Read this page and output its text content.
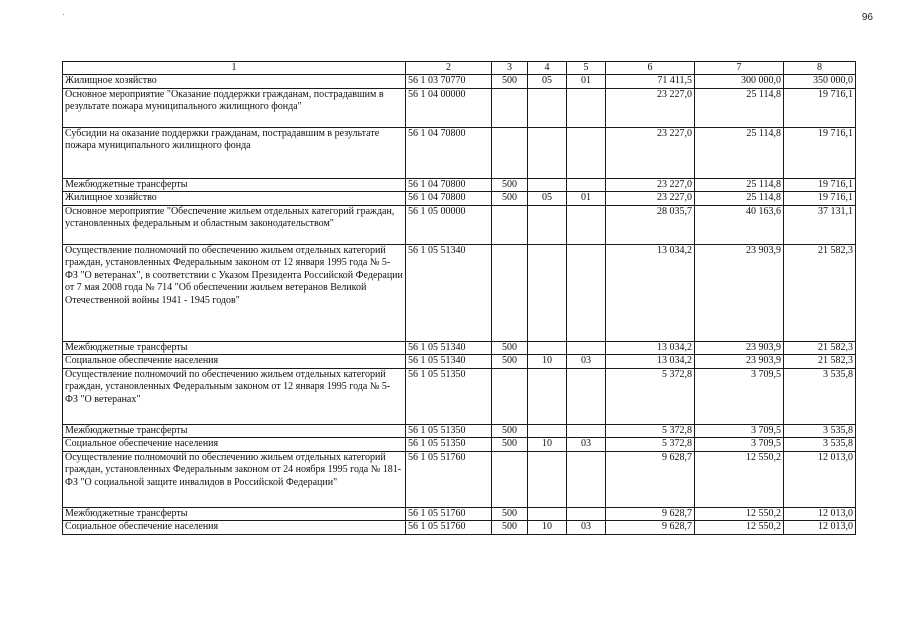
96
1	2	3	4	5	6	7	8
Жилищное хозяйство	56 1 03 70770	500	05	01	71 411,5	300 000,0	350 000,0
Основное мероприятие "Оказание поддержки гражданам, пострадавшим в результате пожара муниципального жилищного фонда"	56 1 04 00000				23 227,0	25 114,8	19 716,1
Субсидии на оказание поддержки гражданам, пострадавшим в результате пожара муниципального жилищного фонда	56 1 04 70800				23 227,0	25 114,8	19 716,1
Межбюджетные трансферты	56 1 04 70800	500			23 227,0	25 114,8	19 716,1
Жилищное хозяйство	56 1 04 70800	500	05	01	23 227,0	25 114,8	19 716,1
Основное мероприятие "Обеспечение жильем отдельных категорий граждан, установленных федеральным и областным законодательством"	56 1 05 00000				28 035,7	40 163,6	37 131,1
Осуществление полномочий по обеспечению жильем отдельных категорий граждан, установленных Федеральным законом от 12 января 1995 года № 5-ФЗ "О ветеранах", в соответствии с Указом Президента Российской Федерации от 7 мая 2008 года № 714 "Об обеспечении жильем ветеранов Великой Отечественной войны 1941 - 1945 годов"	56 1 05 51340				13 034,2	23 903,9	21 582,3
Межбюджетные трансферты	56 1 05 51340	500			13 034,2	23 903,9	21 582,3
Социальное обеспечение населения	56 1 05 51340	500	10	03	13 034,2	23 903,9	21 582,3
Осуществление полномочий по обеспечению жильем отдельных категорий граждан, установленных Федеральным законом от 12 января 1995 года № 5-ФЗ "О ветеранах"	56 1 05 51350				5 372,8	3 709,5	3 535,8
Межбюджетные трансферты	56 1 05 51350	500			5 372,8	3 709,5	3 535,8
Социальное обеспечение населения	56 1 05 51350	500	10	03	5 372,8	3 709,5	3 535,8
Осуществление полномочий по обеспечению жильем отдельных категорий граждан, установленных Федеральным законом от 24 ноября 1995 года № 181-ФЗ "О социальной защите инвалидов в Российской Федерации"	56 1 05 51760				9 628,7	12 550,2	12 013,0
Межбюджетные трансферты	56 1 05 51760	500			9 628,7	12 550,2	12 013,0
Социальное обеспечение населения	56 1 05 51760	500	10	03	9 628,7	12 550,2	12 013,0
